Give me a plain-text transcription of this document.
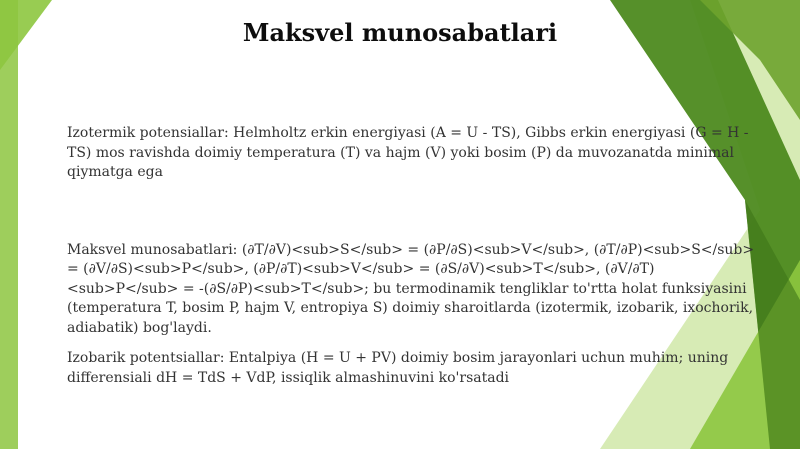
Maksvel munosabatlari

Izotermik potensiallar: Helmholtz erkin energiyasi (A = U - TS), Gibbs erkin energiyasi (G = H - TS) mos ravishda doimiy temperatura (T) va hajm (V) yoki bosim (P) da muvozanatda minimal qiymatga ega

Maksvel munosabatlari: (∂T/∂V)<sub>S</sub> = (∂P/∂S)<sub>V</sub>, (∂T/∂P)<sub>S</sub> = (∂V/∂S)<sub>P</sub>, (∂P/∂T)<sub>V</sub> = (∂S/∂V)<sub>T</sub>, (∂V/∂T)<sub>P</sub> = -(∂S/∂P)<sub>T</sub>; bu termodinamik tengliklar to'rtta holat funksiyasini (temperatura T, bosim P, hajm V, entropiya S) doimiy sharoitlarda (izotermik, izobarik, ixochorik, adiabatik) bog'laydi.

Izobarik potentsiallar: Entalpiya (H = U + PV) doimiy bosim jarayonlari uchun muhim; uning differensiali dH = TdS + VdP, issiqlik almashinuvini ko'rsatadi
